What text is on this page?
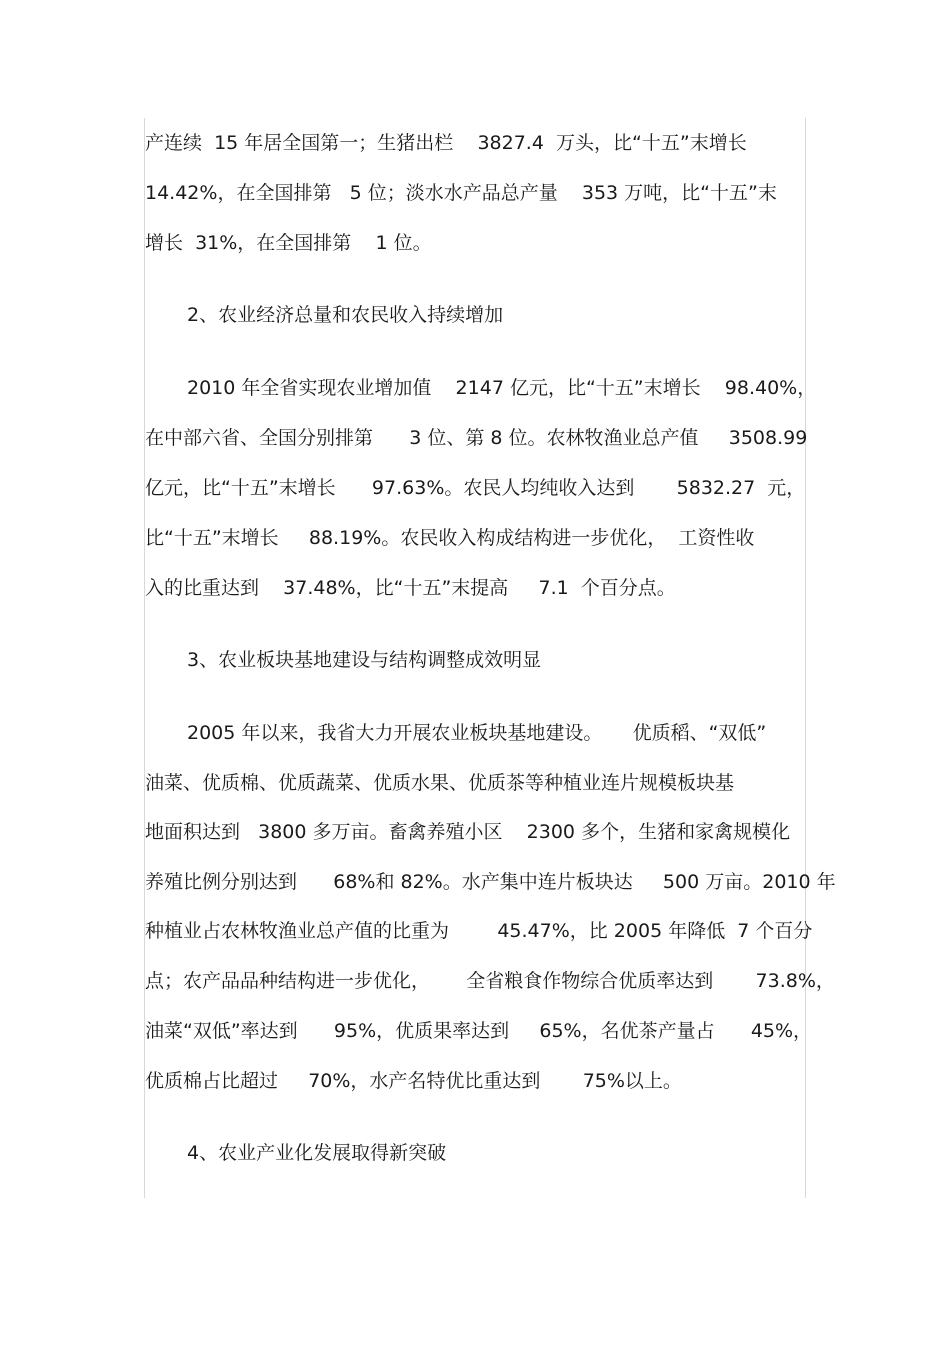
产连续  15 年居全国第一；生猪出栏    3827.4  万头，比“十五”末增长
14.42%，在全国排第   5 位；淡水水产品总产量    353 万吨，比“十五”末
增长  31%，在全国排第    1 位。
2、农业经济总量和农民收入持续增加
2010 年全省实现农业增加值    2147 亿元，比“十五”末增长    98.40%，
在中部六省、全国分别排第      3 位、第 8 位。农林牧渔业总产值     3508.99
亿元，比“十五”末增长      97.63%。农民人均纯收入达到       5832.27  元，
比“十五”末增长     88.19%。农民收入构成结构进一步优化，  工资性收
入的比重达到    37.48%，比“十五”末提高     7.1  个百分点。
3、农业板块基地建设与结构调整成效明显
2005 年以来，我省大力开展农业板块基地建设。     优质稻、“双低”
油菜、优质棉、优质蔬菜、优质水果、优质茶等种植业连片规模板块基
地面积达到   3800 多万亩。畜禽养殖小区    2300 多个，生猪和家禽规模化
养殖比例分别达到      68%和 82%。水产集中连片板块达     500 万亩。2010 年
种植业占农林牧渔业总产值的比重为        45.47%，比 2005 年降低  7 个百分
点；农产品品种结构进一步优化，      全省粮食作物综合优质率达到       73.8%，
油菜“双低”率达到      95%，优质果率达到     65%，名优茶产量占      45%，
优质棉占比超过     70%，水产名特优比重达到       75%以上。
4、农业产业化发展取得新突破
